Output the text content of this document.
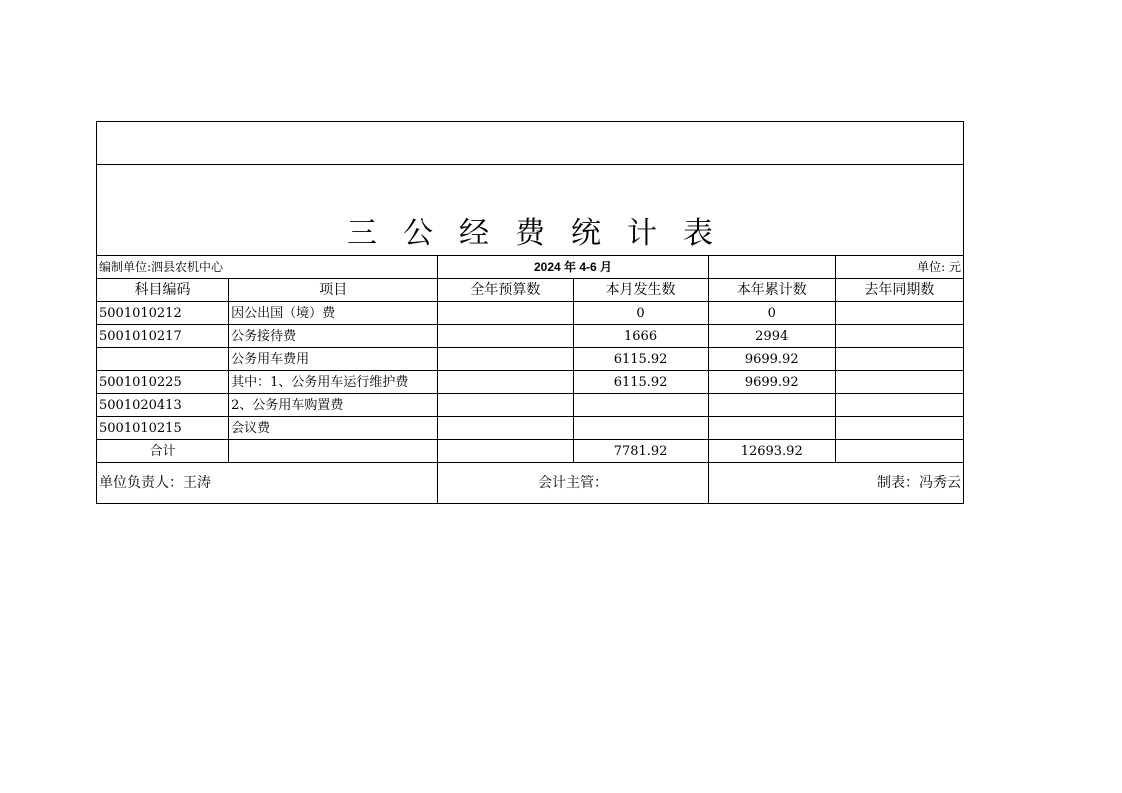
三公经费统计表					
编制单位:泗县农机中心		2024 年 4-6 月			单位: 元
科目编码	项目	全年预算数	本月发生数	本年累计数	去年同期数
5001010212	因公出国（境）费		0	0	
5001010217	公务接待费		1666	2994	
	公务用车费用		6115.92	9699.92	
5001010225	其中：1、公务用车运行维护费		6115.92	9699.92	
5001020413	2、公务用车购置费				
5001010215	会议费				
合计			7781.92	12693.92	
单位负责人：王涛		会计主管：		制表：冯秀云	
